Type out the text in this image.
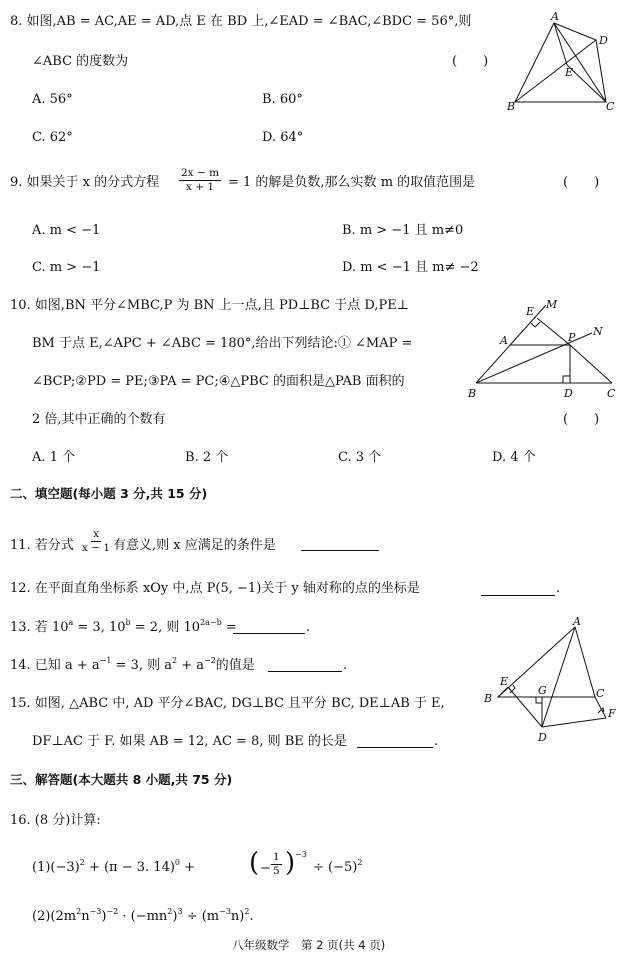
8. 如图,AB = AC,AE = AD,点 E 在 BD 上,∠EAD = ∠BAC,∠BDC = 56°,则
∠ABC 的度数为	(　　)
A. 56°	B. 60°
C. 62°	D. 64°
A
D
E
B	C
9. 如果关于 x 的分式方程 $\frac{2x - m}{x + 1} = 1$ 的解是负数,那么实数 m 的取值范围是	(　　)
A. m < −1	B. m > −1 且 m≠0
C. m > −1	D. m < −1 且 m≠ −2
10. 如图,BN 平分∠MBC,P 为 BN 上一点,且 PD⊥BC 于点 D,PE⊥
BM 于点 E,∠APC + ∠ABC = 180°,给出下列结论:① ∠MAP =
∠BCP;②PD = PE;③PA = PC;④△PBC 的面积是△PAB 面积的
2 倍,其中正确的个数有	(　　)
A. 1 个	B. 2 个	C. 3 个	D. 4 个
E
M
A	P N
B	D	C
二、填空题(每小题 3 分,共 15 分)
11. 若分式 $\frac{x}{x - 1}$ 有意义,则 x 应满足的条件是
12. 在平面直角坐标系 xOy 中,点 P(5, −1)关于 y 轴对称的点的坐标是	.
13. 若 $10^a = 3$, $10^b = 2$, 则 $10^{2a-b}$ =	.
14. 已知 $a + a^{-1} = 3$, 则 $a^2 + a^{-2}$的值是	.
15. 如图, △ABC 中, AD 平分∠BAC, DG⊥BC 且平分 BC, DE⊥AB 于 E,
DF⊥AC 于 F. 如果 AB = 12, AC = 8, 则 BE 的长是	.
A
E
G	C
B
F
D
三、解答题(本大题共 8 小题,共 75 分)
16. (8 分)计算:
$(1)(-3)^2 + (\pi - 3$. 14)$^0$ + ( − $\frac{1}{5}$ ) −3
÷ $(-5)^2$
$(2)(2m^2n^{-3})^{-2} \cdot (-mn^2)^3 \div (m^{-3}n)^2$.
八年级数学　第 2 页(共 4 页)
